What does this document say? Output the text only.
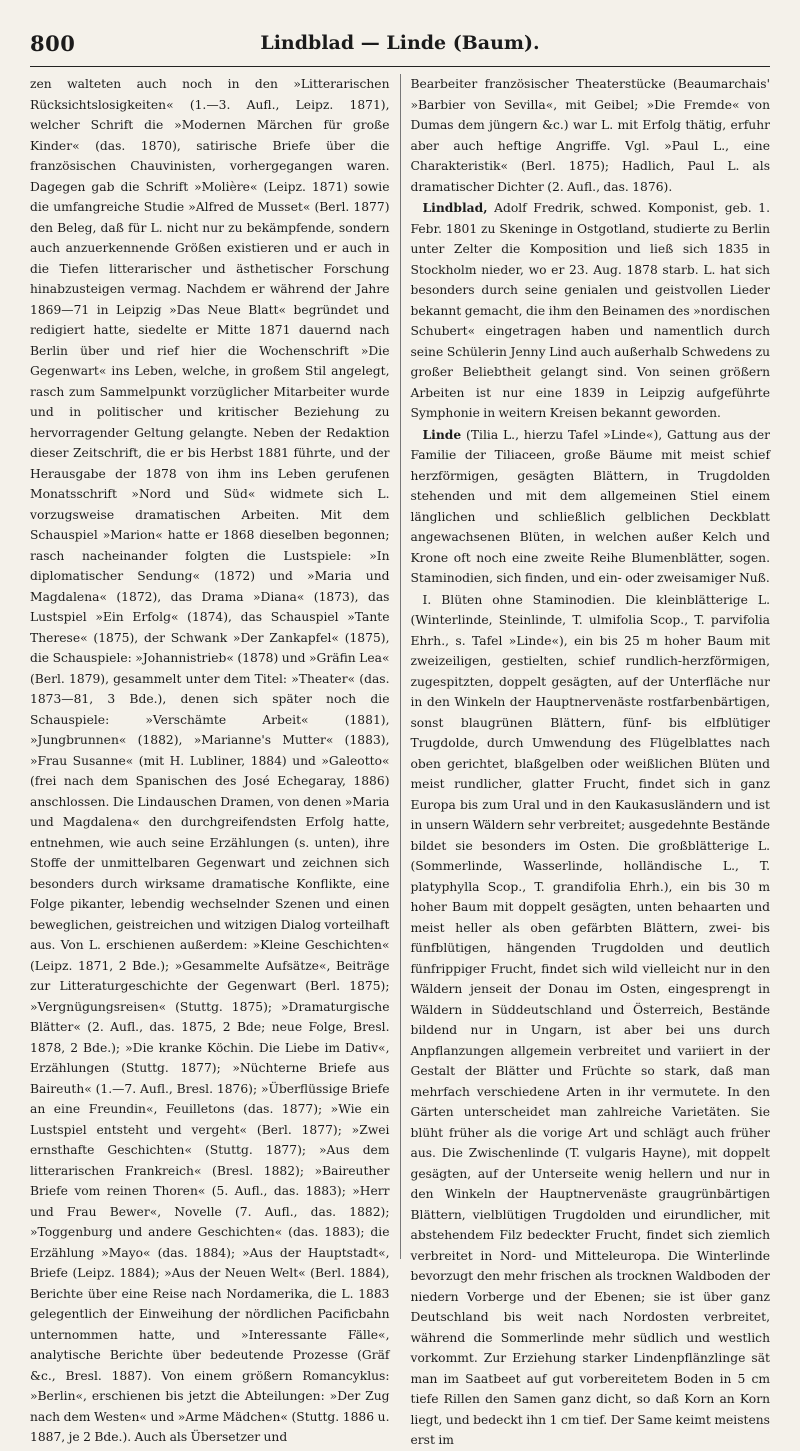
800	Lindblad — Linde (Baum).

zen walteten auch noch in den »Litterarischen Rücksichtslosigkeiten« (1.—3. Aufl., Leipz. 1871), welcher Schrift die »Modernen Märchen für große Kinder« (das. 1870), satirische Briefe über die französischen Chauvinisten, vorhergegangen waren. Dagegen gab die Schrift »Molière« (Leipz. 1871) sowie die umfangreiche Studie »Alfred de Musset« (Berl. 1877) den Beleg, daß für L. nicht nur zu bekämpfende, sondern auch anzuerkennende Größen existieren und er auch in die Tiefen litterarischer und ästhetischer Forschung hinabzusteigen vermag. Nachdem er während der Jahre 1869—71 in Leipzig »Das Neue Blatt« begründet und redigiert hatte, siedelte er Mitte 1871 dauernd nach Berlin über und rief hier die Wochenschrift »Die Gegenwart« ins Leben, welche, in großem Stil angelegt, rasch zum Sammelpunkt vorzüglicher Mitarbeiter wurde und in politischer und kritischer Beziehung zu hervorragender Geltung gelangte. Neben der Redaktion dieser Zeitschrift, die er bis Herbst 1881 führte, und der Herausgabe der 1878 von ihm ins Leben gerufenen Monatsschrift »Nord und Süd« widmete sich L. vorzugsweise dramatischen Arbeiten. Mit dem Schauspiel »Marion« hatte er 1868 dieselben begonnen; rasch nacheinander folgten die Lustspiele: »In diplomatischer Sendung« (1872) und »Maria und Magdalena« (1872), das Drama »Diana« (1873), das Lustspiel »Ein Erfolg« (1874), das Schauspiel »Tante Therese« (1875), der Schwank »Der Zankapfel« (1875), die Schauspiele: »Johannistrieb« (1878) und »Gräfin Lea« (Berl. 1879), gesammelt unter dem Titel: »Theater« (das. 1873—81, 3 Bde.), denen sich später noch die Schauspiele: »Verschämte Arbeit« (1881), »Jungbrunnen« (1882), »Marianne's Mutter« (1883), »Frau Susanne« (mit H. Lubliner, 1884) und »Galeotto« (frei nach dem Spanischen des José Echegaray, 1886) anschlossen. Die Lindauschen Dramen, von denen »Maria und Magdalena« den durchgreifendsten Erfolg hatte, entnehmen, wie auch seine Erzählungen (s. unten), ihre Stoffe der unmittelbaren Gegenwart und zeichnen sich besonders durch wirksame dramatische Konflikte, eine Folge pikanter, lebendig wechselnder Szenen und einen beweglichen, geistreichen und witzigen Dialog vorteilhaft aus. Von L. erschienen außerdem: »Kleine Geschichten« (Leipz. 1871, 2 Bde.); »Gesammelte Aufsätze«, Beiträge zur Litteraturgeschichte der Gegenwart (Berl. 1875); »Vergnügungsreisen« (Stuttg. 1875); »Dramaturgische Blätter« (2. Aufl., das. 1875, 2 Bde; neue Folge, Bresl. 1878, 2 Bde.); »Die kranke Köchin. Die Liebe im Dativ«, Erzählungen (Stuttg. 1877); »Nüchterne Briefe aus Baireuth« (1.—7. Aufl., Bresl. 1876); »Überflüssige Briefe an eine Freundin«, Feuilletons (das. 1877); »Wie ein Lustspiel entsteht und vergeht« (Berl. 1877); »Zwei ernsthafte Geschichten« (Stuttg. 1877); »Aus dem litterarischen Frankreich« (Bresl. 1882); »Baireuther Briefe vom reinen Thoren« (5. Aufl., das. 1883); »Herr und Frau Bewer«, Novelle (7. Aufl., das. 1882); »Toggenburg und andere Geschichten« (das. 1883); die Erzählung »Mayo« (das. 1884); »Aus der Hauptstadt«, Briefe (Leipz. 1884); »Aus der Neuen Welt« (Berl. 1884), Berichte über eine Reise nach Nordamerika, die L. 1883 gelegentlich der Einweihung der nördlichen Pacificbahn unternommen hatte, und »Interessante Fälle«, analytische Berichte über bedeutende Prozesse (Gräf &c., Bresl. 1887). Von einem größern Romancyklus: »Berlin«, erschienen bis jetzt die Abteilungen: »Der Zug nach dem Westen« und »Arme Mädchen« (Stuttg. 1886 u. 1887, je 2 Bde.). Auch als Übersetzer und

Bearbeiter französischer Theaterstücke (Beaumarchais' »Barbier von Sevilla«, mit Geibel; »Die Fremde« von Dumas dem jüngern &c.) war L. mit Erfolg thätig, erfuhr aber auch heftige Angriffe. Vgl. »Paul L., eine Charakteristik« (Berl. 1875); Hadlich, Paul L. als dramatischer Dichter (2. Aufl., das. 1876).

Lindblad, Adolf Fredrik, schwed. Komponist, geb. 1. Febr. 1801 zu Skeninge in Ostgotland, studierte zu Berlin unter Zelter die Komposition und ließ sich 1835 in Stockholm nieder, wo er 23. Aug. 1878 starb. L. hat sich besonders durch seine genialen und geistvollen Lieder bekannt gemacht, die ihm den Beinamen des »nordischen Schubert« eingetragen haben und namentlich durch seine Schülerin Jenny Lind auch außerhalb Schwedens zu großer Beliebtheit gelangt sind. Von seinen größern Arbeiten ist nur eine 1839 in Leipzig aufgeführte Symphonie in weitern Kreisen bekannt geworden.

Linde (Tilia L., hierzu Tafel »Linde«), Gattung aus der Familie der Tiliaceen, große Bäume mit meist schief herzförmigen, gesägten Blättern, in Trugdolden stehenden und mit dem allgemeinen Stiel einem länglichen und schließlich gelblichen Deckblatt angewachsenen Blüten, in welchen außer Kelch und Krone oft noch eine zweite Reihe Blumenblätter, sogen. Staminodien, sich finden, und ein- oder zweisamiger Nuß.

I. Blüten ohne Staminodien. Die kleinblätterige L. (Winterlinde, Steinlinde, T. ulmifolia Scop., T. parvifolia Ehrh., s. Tafel »Linde«), ein bis 25 m hoher Baum mit zweizeiligen, gestielten, schief rundlich-herzförmigen, zugespitzten, doppelt gesägten, auf der Unterfläche nur in den Winkeln der Hauptnervenäste rostfarbenbärtigen, sonst blaugrünen Blättern, fünf- bis elfblütiger Trugdolde, durch Umwendung des Flügelblattes nach oben gerichtet, blaßgelben oder weißlichen Blüten und meist rundlicher, glatter Frucht, findet sich in ganz Europa bis zum Ural und in den Kaukasusländern und ist in unsern Wäldern sehr verbreitet; ausgedehnte Bestände bildet sie besonders im Osten. Die großblätterige L. (Sommerlinde, Wasserlinde, holländische L., T. platyphylla Scop., T. grandifolia Ehrh.), ein bis 30 m hoher Baum mit doppelt gesägten, unten behaarten und meist heller als oben gefärbten Blättern, zwei- bis fünfblütigen, hängenden Trugdolden und deutlich fünfrippiger Frucht, findet sich wild vielleicht nur in den Wäldern jenseit der Donau im Osten, eingesprengt in Wäldern in Süddeutschland und Österreich, Bestände bildend nur in Ungarn, ist aber bei uns durch Anpflanzungen allgemein verbreitet und variiert in der Gestalt der Blätter und Früchte so stark, daß man mehrfach verschiedene Arten in ihr vermutete. In den Gärten unterscheidet man zahlreiche Varietäten. Sie blüht früher als die vorige Art und schlägt auch früher aus. Die Zwischenlinde (T. vulgaris Hayne), mit doppelt gesägten, auf der Unterseite wenig hellern und nur in den Winkeln der Hauptnervenäste graugrünbärtigen Blättern, vielblütigen Trugdolden und eirundlicher, mit abstehendem Filz bedeckter Frucht, findet sich ziemlich verbreitet in Nord- und Mitteleuropa. Die Winterlinde bevorzugt den mehr frischen als trocknen Waldboden der niedern Vorberge und der Ebenen; sie ist über ganz Deutschland bis weit nach Nordosten verbreitet, während die Sommerlinde mehr südlich und westlich vorkommt. Zur Erziehung starker Lindenpflänzlinge sät man im Saatbeet auf gut vorbereitetem Boden in 5 cm tiefe Rillen den Samen ganz dicht, so daß Korn an Korn liegt, und bedeckt ihn 1 cm tief. Der Same keimt meistens erst im
